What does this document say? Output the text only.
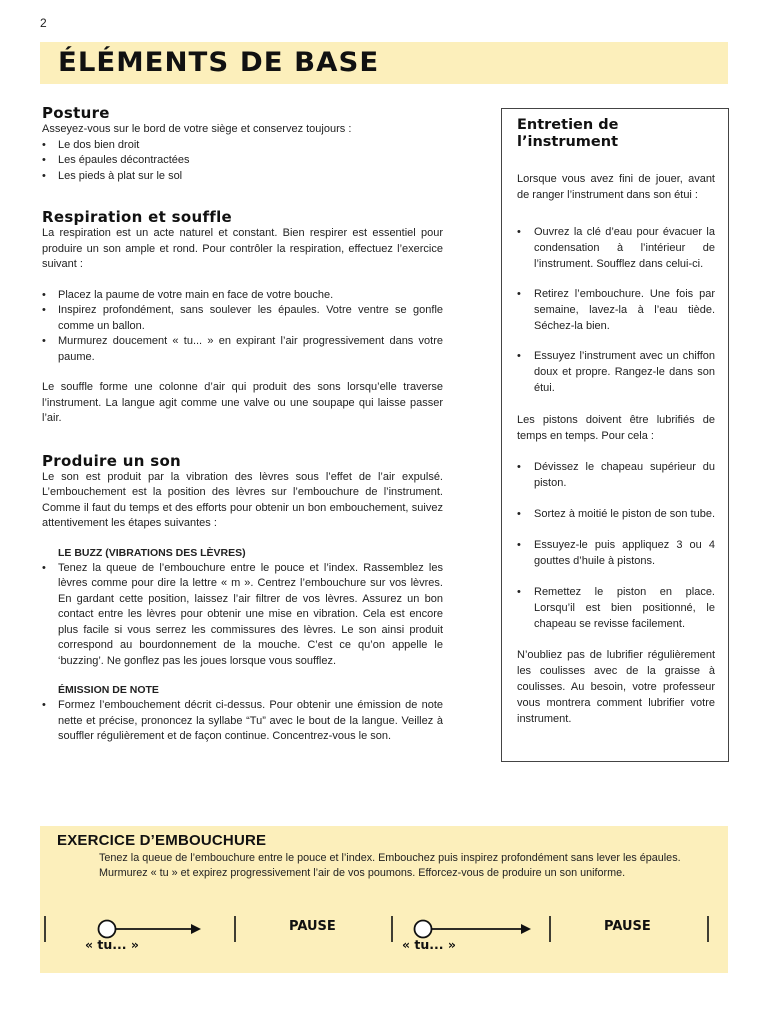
2
ÉLÉMENTS DE BASE
Posture

Asseyez-vous sur le bord de votre siège et conservez toujours :

• Le dos bien droit
• Les épaules décontractées
• Les pieds à plat sur le sol
Respiration et souffle

La respiration est un acte naturel et constant. Bien respirer est essentiel pour produire un son ample et rond. Pour contrôler la respiration, effectuez l’exercice suivant :

• Placez la paume de votre main en face de votre bouche.
• Inspirez profondément, sans soulever les épaules. Votre ventre se gonfle comme un ballon.
• Murmurez doucement « tu... » en expirant l’air progressivement dans votre paume.

Le souffle forme une colonne d’air qui produit des sons lorsqu’elle traverse l’instrument. La langue agit comme une valve ou une soupape qui laisse passer l’air.

Produire un son

Le son est produit par la vibration des lèvres sous l’effet de l’air expulsé. L’embouchement est la position des lèvres sur l’embouchure de l’instrument. Comme il faut du temps et des efforts pour obtenir un bon embouchement, suivez attentivement les étapes suivantes :

LE BUZZ (VIBRATIONS DES LÈVRES)
• Tenez la queue de l’embouchure entre le pouce et l’index. Rassemblez les lèvres comme pour dire la lettre « m ». Centrez l’embouchure sur vos lèvres. En gardant cette position, laissez l’air filtrer de vos lèvres. Assurez un bon contact entre les lèvres pour obtenir une mise en vibration. Cela est encore plus facile si vous serrez les commissures des lèvres. Le son ainsi produit correspond au bourdonnement de la mouche. C’est ce qu’on appelle le ‘buzzing’. Ne gonflez pas les joues lorsque vous soufflez.
ÉMISSION DE NOTE
• Formez l’embouchement décrit ci-dessus. Pour obtenir une émission de note nette et précise, prononcez la syllabe “Tu” avec le bout de la langue. Veillez à souffler régulièrement et de façon continue. Concentrez-vous le son.
Entretien de
l’instrument

Lorsque vous avez fini de jouer, avant de ranger l’instrument dans son étui :

• Ouvrez la clé d’eau pour évacuer la condensation à l’intérieur de l’instrument. Soufflez dans celui-ci.
• Retirez l’embouchure. Une fois par semaine, lavez-la à l’eau tiède. Séchez-la bien.
• Essuyez l’instrument avec un chiffon doux et propre. Rangez-le dans son étui.

Les pistons doivent être lubrifiés de temps en temps. Pour cela :

• Dévissez le chapeau supérieur du piston.
• Sortez à moitié le piston de son tube.
• Essuyez-le puis appliquez 3 ou 4 gouttes d’huile à pistons.
• Remettez le piston en place. Lorsqu’il est bien positionné, le chapeau se revisse facilement.

N’oubliez pas de lubrifier régulièrement les coulisses avec de la graisse à coulisses. Au besoin, votre professeur vous montrera comment lubrifier votre instrument.

EXERCICE D’EMBOUCHURE
Tenez la queue de l’embouchure entre le pouce et l’index. Embouchez puis inspirez profondément sans lever les épaules.
Murmurez « tu » et expirez progressivement l’air de vos poumons. Efforcez-vous de produire un son uniforme.
« tu... »
PAUSE
« tu... »
PAUSE
